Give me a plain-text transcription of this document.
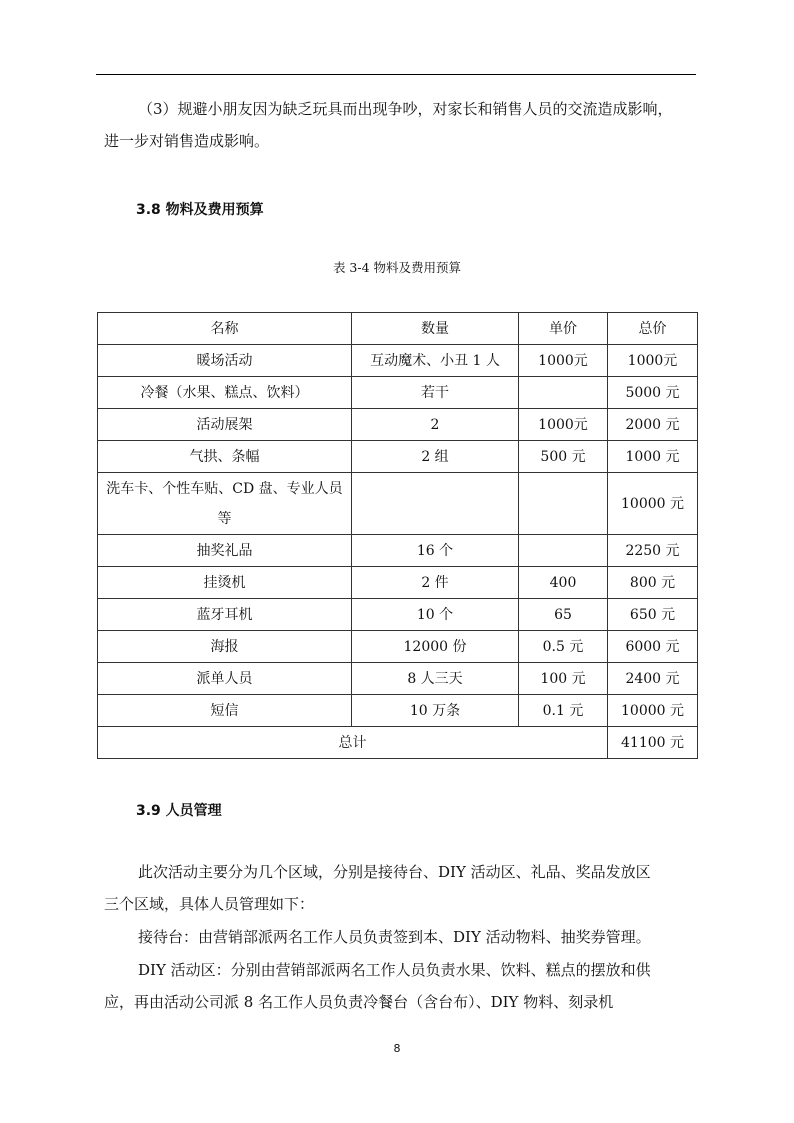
（3）规避小朋友因为缺乏玩具而出现争吵，对家长和销售人员的交流造成影响，
进一步对销售造成影响。
3.8 物料及费用预算
表 3-4 物料及费用预算
名称	数量	单价	总价
暖场活动	互动魔术、小丑 1 人	1000元	1000元
冷餐（水果、糕点、饮料）	若干		5000 元
活动展架	2	1000元	2000 元
气拱、条幅	2 组	500 元	1000 元
洗车卡、个性车贴、CD 盘、专业人员等			10000 元
抽奖礼品	16 个		2250 元
挂烫机	2 件	400	800 元
蓝牙耳机	10 个	65	650 元
海报	12000 份	0.5 元	6000 元
派单人员	8 人三天	100 元	2400 元
短信	10 万条	0.1 元	10000 元
总计			41100 元
3.9 人员管理
此次活动主要分为几个区域，分别是接待台、DIY 活动区、礼品、奖品发放区
三个区域，具体人员管理如下：
接待台：由营销部派两名工作人员负责签到本、DIY 活动物料、抽奖券管理。
DIY 活动区：分别由营销部派两名工作人员负责水果、饮料、糕点的摆放和供
应，再由活动公司派 8 名工作人员负责冷餐台（含台布）、DIY 物料、刻录机
8
